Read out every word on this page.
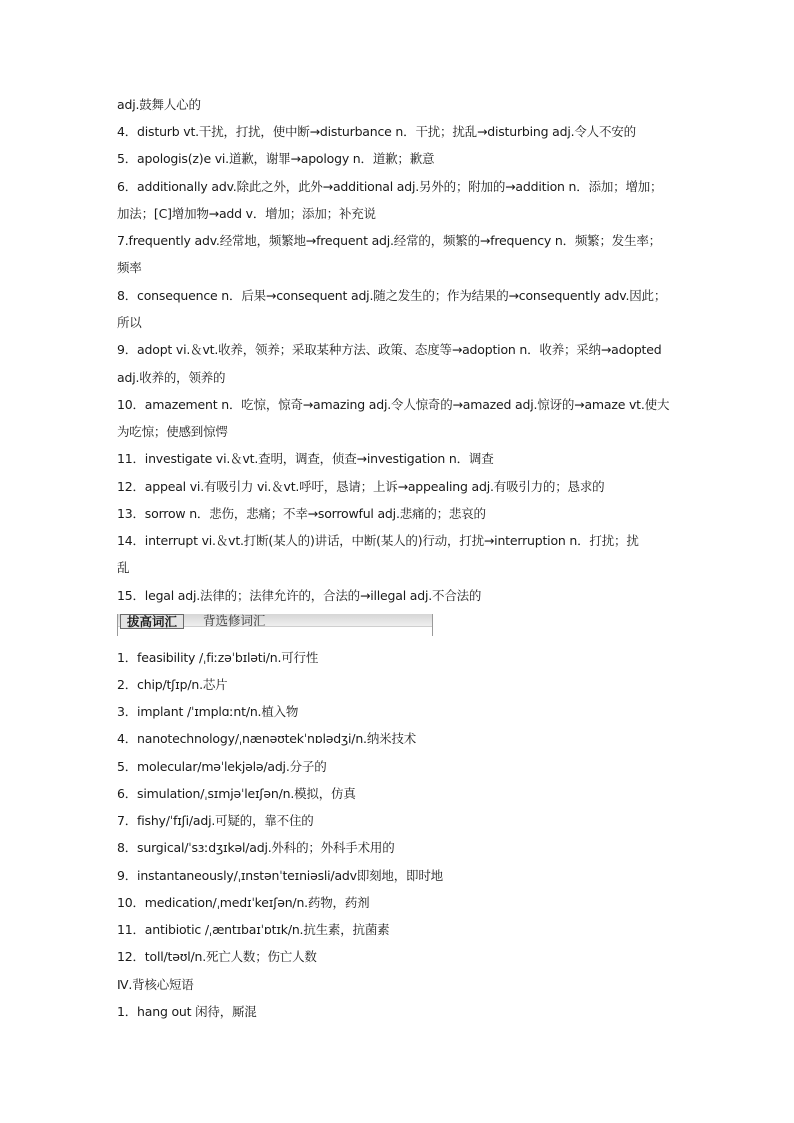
adj.鼓舞人心的
4．disturb vt.干扰，打扰，使中断→disturbance n．干扰；扰乱→disturbing adj.令人不安的
5．apologis(z)e vi.道歉，谢罪→apology n．道歉；歉意
6．additionally adv.除此之外，此外→additional adj.另外的；附加的→addition n．添加；增加；
加法；[C]增加物→add v．增加；添加；补充说
7.frequently adv.经常地，频繁地→frequent adj.经常的，频繁的→frequency n．频繁；发生率；
频率
8．consequence n．后果→consequent adj.随之发生的；作为结果的→consequently adv.因此；
所以
9．adopt vi.＆vt.收养，领养；采取某种方法、政策、态度等→adoption n．收养；采纳→adopted
adj.收养的，领养的
10．amazement n．吃惊，惊奇→amazing adj.令人惊奇的→amazed adj.惊讶的→amaze vt.使大
为吃惊；使感到惊愕
11．investigate vi.＆vt.查明，调查，侦查→investigation n．调查
12．appeal vi.有吸引力 vi.＆vt.呼吁，恳请；上诉→appealing adj.有吸引力的；恳求的
13．sorrow n．悲伤，悲痛；不幸→sorrowful adj.悲痛的；悲哀的
14．interrupt vi.＆vt.打断(某人的)讲话，中断(某人的)行动，打扰→interruption n．打扰；扰
乱
15．legal adj.法律的；法律允许的，合法的→illegal adj.不合法的
拔高词汇	背选修词汇
1．feasibility /ˌfiːzəˈbɪləti/n.可行性
2．chip/tʃɪp/n.芯片
3．implant /ˈɪmplɑːnt/n.植入物
4．nanotechnology/ˌnænəʊtekˈnɒlədʒi/n.纳米技术
5．molecular/məˈlekjələ/adj.分子的
6．simulation/ˌsɪmjəˈleɪʃən/n.模拟，仿真
7．fishy/ˈfɪʃi/adj.可疑的，靠不住的
8．surgical/ˈsɜːdʒɪkəl/adj.外科的；外科手术用的
9．instantaneously/ˌɪnstənˈteɪniəsli/adv即刻地，即时地
10．medication/ˌmedɪˈkeɪʃən/n.药物，药剂
11．antibiotic /ˌæntɪbaɪˈɒtɪk/n.抗生素，抗菌素
12．toll/təʊl/n.死亡人数；伤亡人数
Ⅳ.背核心短语
1．hang out 闲待，厮混
